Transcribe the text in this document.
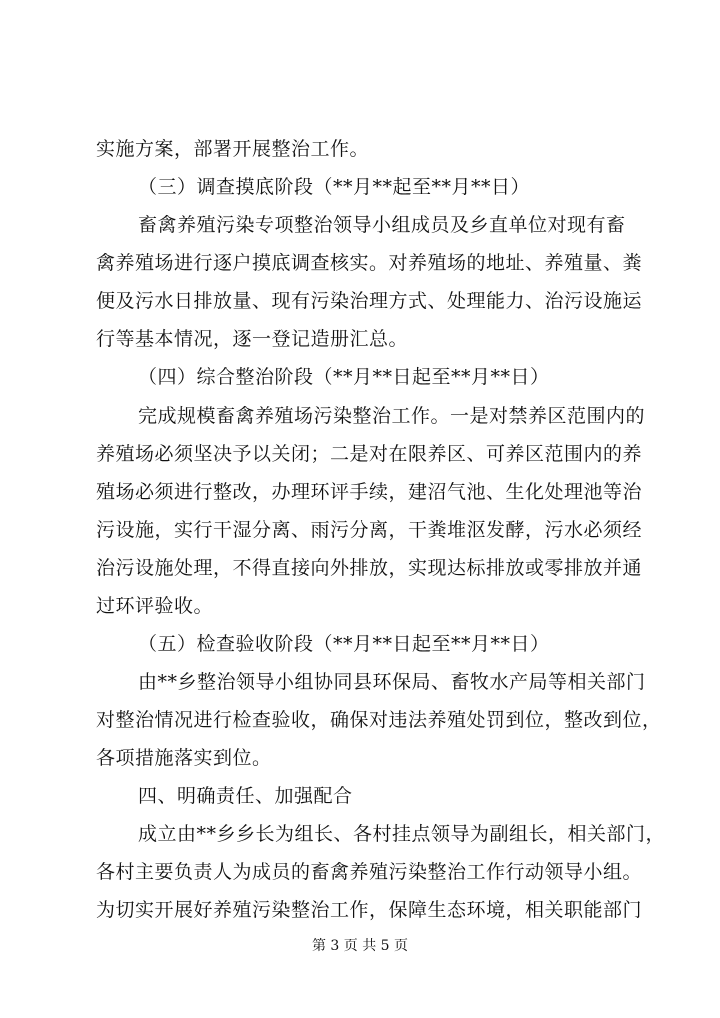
实施方案，部署开展整治工作。
（三）调查摸底阶段（**月**起至**月**日）
畜禽养殖污染专项整治领导小组成员及乡直单位对现有畜
禽养殖场进行逐户摸底调查核实。对养殖场的地址、养殖量、粪
便及污水日排放量、现有污染治理方式、处理能力、治污设施运
行等基本情况，逐一登记造册汇总。
（四）综合整治阶段（**月**日起至**月**日）
完成规模畜禽养殖场污染整治工作。一是对禁养区范围内的
养殖场必须坚决予以关闭；二是对在限养区、可养区范围内的养
殖场必须进行整改，办理环评手续，建沼气池、生化处理池等治
污设施，实行干湿分离、雨污分离，干粪堆沤发酵，污水必须经
治污设施处理，不得直接向外排放，实现达标排放或零排放并通
过环评验收。
（五）检查验收阶段（**月**日起至**月**日）
由**乡整治领导小组协同县环保局、畜牧水产局等相关部门
对整治情况进行检查验收，确保对违法养殖处罚到位，整改到位，
各项措施落实到位。
四、明确责任、加强配合
成立由**乡乡长为组长、各村挂点领导为副组长，相关部门，
各村主要负责人为成员的畜禽养殖污染整治工作行动领导小组。
为切实开展好养殖污染整治工作，保障生态环境，相关职能部门
第 3 页 共 5 页
